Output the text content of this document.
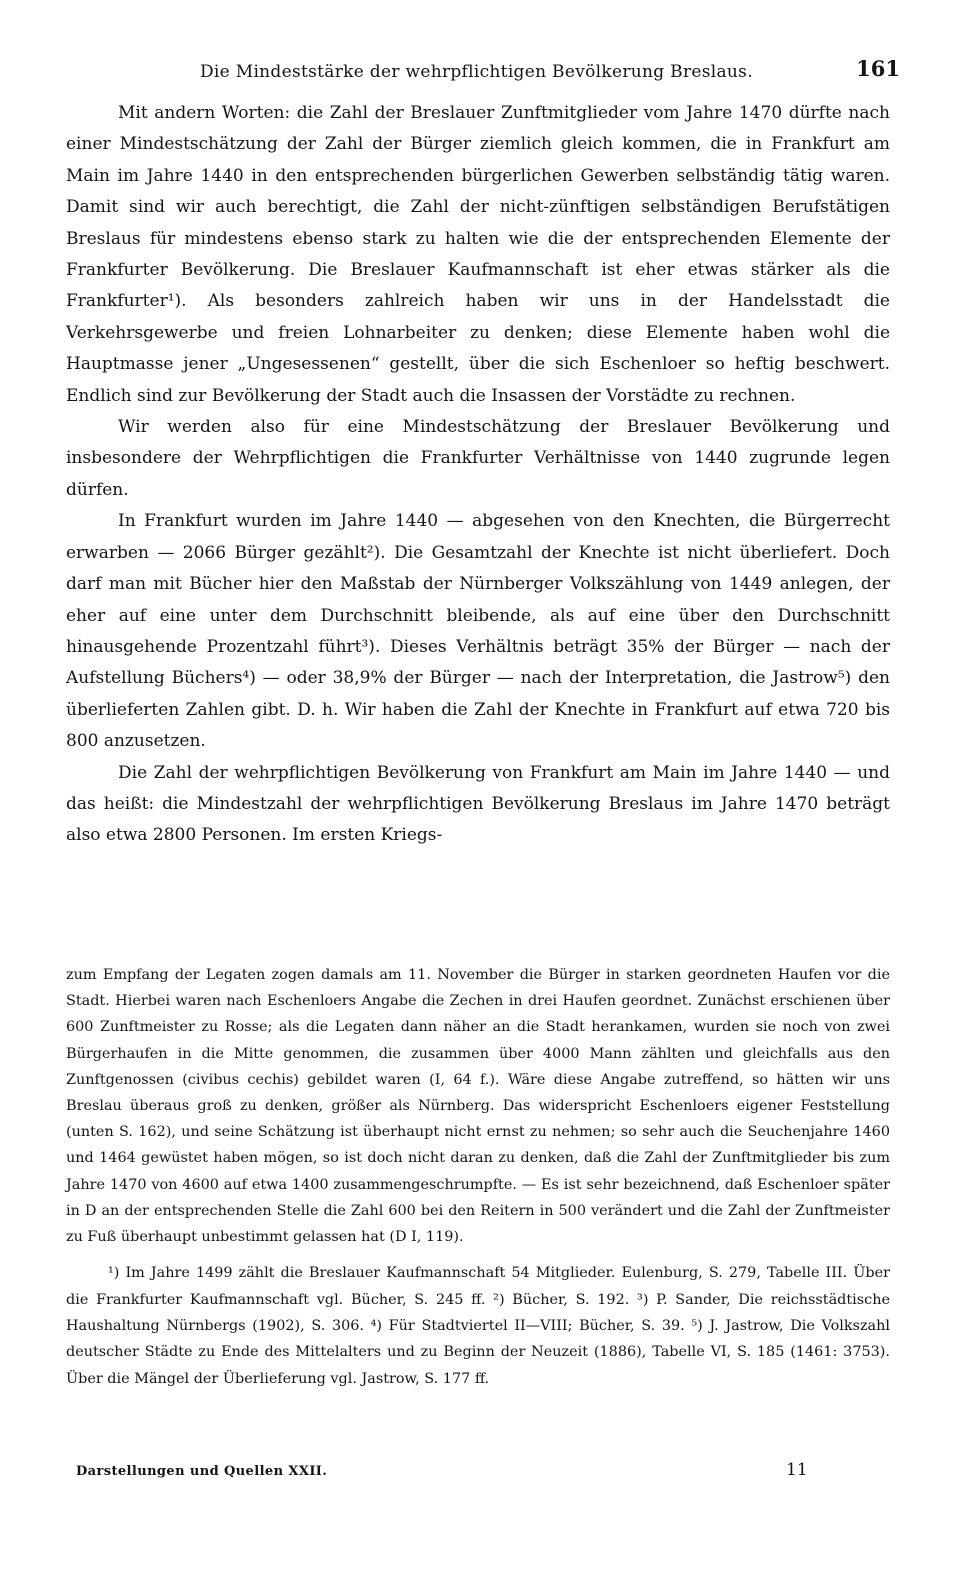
Die Mindeststärke der wehrpflichtigen Bevölkerung Breslaus.	161

Mit andern Worten: die Zahl der Breslauer Zunftmitglieder vom Jahre 1470 dürfte nach einer Mindestschätzung der Zahl der Bürger ziemlich gleich kommen, die in Frankfurt am Main im Jahre 1440 in den entsprechenden bürgerlichen Gewerben selbständig tätig waren. Damit sind wir auch berechtigt, die Zahl der nicht-zünftigen selbständigen Berufstätigen Breslaus für mindestens ebenso stark zu halten wie die der entsprechenden Elemente der Frankfurter Bevölkerung. Die Breslauer Kaufmannschaft ist eher etwas stärker als die Frankfurter¹). Als besonders zahlreich haben wir uns in der Handelsstadt die Verkehrsgewerbe und freien Lohnarbeiter zu denken; diese Elemente haben wohl die Hauptmasse jener „Ungesessenen“ gestellt, über die sich Eschenloer so heftig beschwert. Endlich sind zur Bevölkerung der Stadt auch die Insassen der Vorstädte zu rechnen.

Wir werden also für eine Mindestschätzung der Breslauer Bevölkerung und insbesondere der Wehrpflichtigen die Frankfurter Verhältnisse von 1440 zugrunde legen dürfen.

In Frankfurt wurden im Jahre 1440 — abgesehen von den Knechten, die Bürgerrecht erwarben — 2066 Bürger gezählt²). Die Gesamtzahl der Knechte ist nicht überliefert. Doch darf man mit Bücher hier den Maßstab der Nürnberger Volkszählung von 1449 anlegen, der eher auf eine unter dem Durchschnitt bleibende, als auf eine über den Durchschnitt hinausgehende Prozentzahl führt³). Dieses Verhältnis beträgt 35% der Bürger — nach der Aufstellung Büchers⁴) — oder 38,9% der Bürger — nach der Interpretation, die Jastrow⁵) den überlieferten Zahlen gibt. D. h. Wir haben die Zahl der Knechte in Frankfurt auf etwa 720 bis 800 anzusetzen.

Die Zahl der wehrpflichtigen Bevölkerung von Frankfurt am Main im Jahre 1440 — und das heißt: die Mindestzahl der wehrpflichtigen Bevölkerung Breslaus im Jahre 1470 beträgt also etwa 2800 Personen. Im ersten Kriegs-

zum Empfang der Legaten zogen damals am 11. November die Bürger in starken geordneten Haufen vor die Stadt. Hierbei waren nach Eschenloers Angabe die Zechen in drei Haufen geordnet. Zunächst erschienen über 600 Zunftmeister zu Rosse; als die Legaten dann näher an die Stadt herankamen, wurden sie noch von zwei Bürgerhaufen in die Mitte genommen, die zusammen über 4000 Mann zählten und gleichfalls aus den Zunftgenossen (civibus cechis) gebildet waren (I, 64 f.). Wäre diese Angabe zutreffend, so hätten wir uns Breslau überaus groß zu denken, größer als Nürnberg. Das widerspricht Eschenloers eigener Feststellung (unten S. 162), und seine Schätzung ist überhaupt nicht ernst zu nehmen; so sehr auch die Seuchenjahre 1460 und 1464 gewüstet haben mögen, so ist doch nicht daran zu denken, daß die Zahl der Zunftmitglieder bis zum Jahre 1470 von 4600 auf etwa 1400 zusammengeschrumpfte. — Es ist sehr bezeichnend, daß Eschenloer später in D an der entsprechenden Stelle die Zahl 600 bei den Reitern in 500 verändert und die Zahl der Zunftmeister zu Fuß überhaupt unbestimmt gelassen hat (D I, 119).

¹) Im Jahre 1499 zählt die Breslauer Kaufmannschaft 54 Mitglieder. Eulenburg, S. 279, Tabelle III. Über die Frankfurter Kaufmannschaft vgl. Bücher, S. 245 ff. ²) Bücher, S. 192. ³) P. Sander, Die reichsstädtische Haushaltung Nürnbergs (1902), S. 306. ⁴) Für Stadtviertel II—VIII; Bücher, S. 39. ⁵) J. Jastrow, Die Volkszahl deutscher Städte zu Ende des Mittelalters und zu Beginn der Neuzeit (1886), Tabelle VI, S. 185 (1461: 3753). Über die Mängel der Überlieferung vgl. Jastrow, S. 177 ff.

Darstellungen und Quellen XXII.	11
